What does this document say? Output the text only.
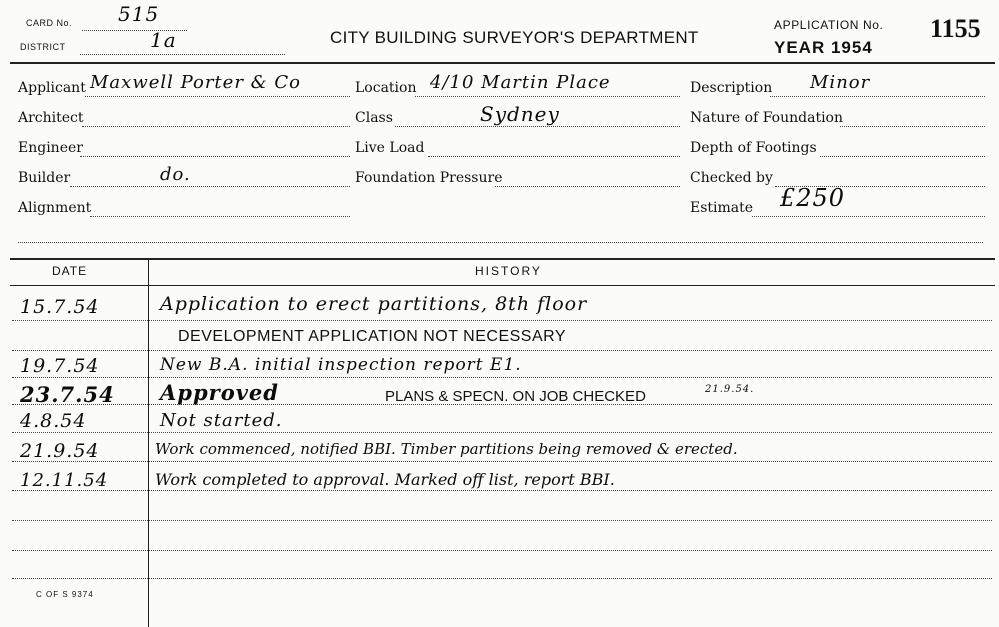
CARD No. 515
DISTRICT	1a	CITY BUILDING SURVEYOR'S DEPARTMENT
APPLICATION No. 1155
YEAR 1954
Applicant Maxwell Porter & Co
Architect
Engineer
Builder	do.
Alignment
Location 4/10 Martin Place
Class	Sydney
Live Load
Foundation Pressure
Description Minor
Nature of Foundation
Depth of Footings
Checked by
Estimate £250
DATE	HISTORY
15.7.54	Application to erect partitions, 8th floor
DEVELOPMENT APPLICATION NOT NECESSARY
19.7.54	New B.A. initial inspection report E1.
23.7.54 Approved	PLANS & SPECN. ON JOB CHECKED	21.9.54.
4.8.54	Not started.
21.9.54	Work commenced, notified BBI. Timber partitions being removed & erected.
12.11.54	Work completed to approval. Marked off list, report BBI.
C OF S 9374
